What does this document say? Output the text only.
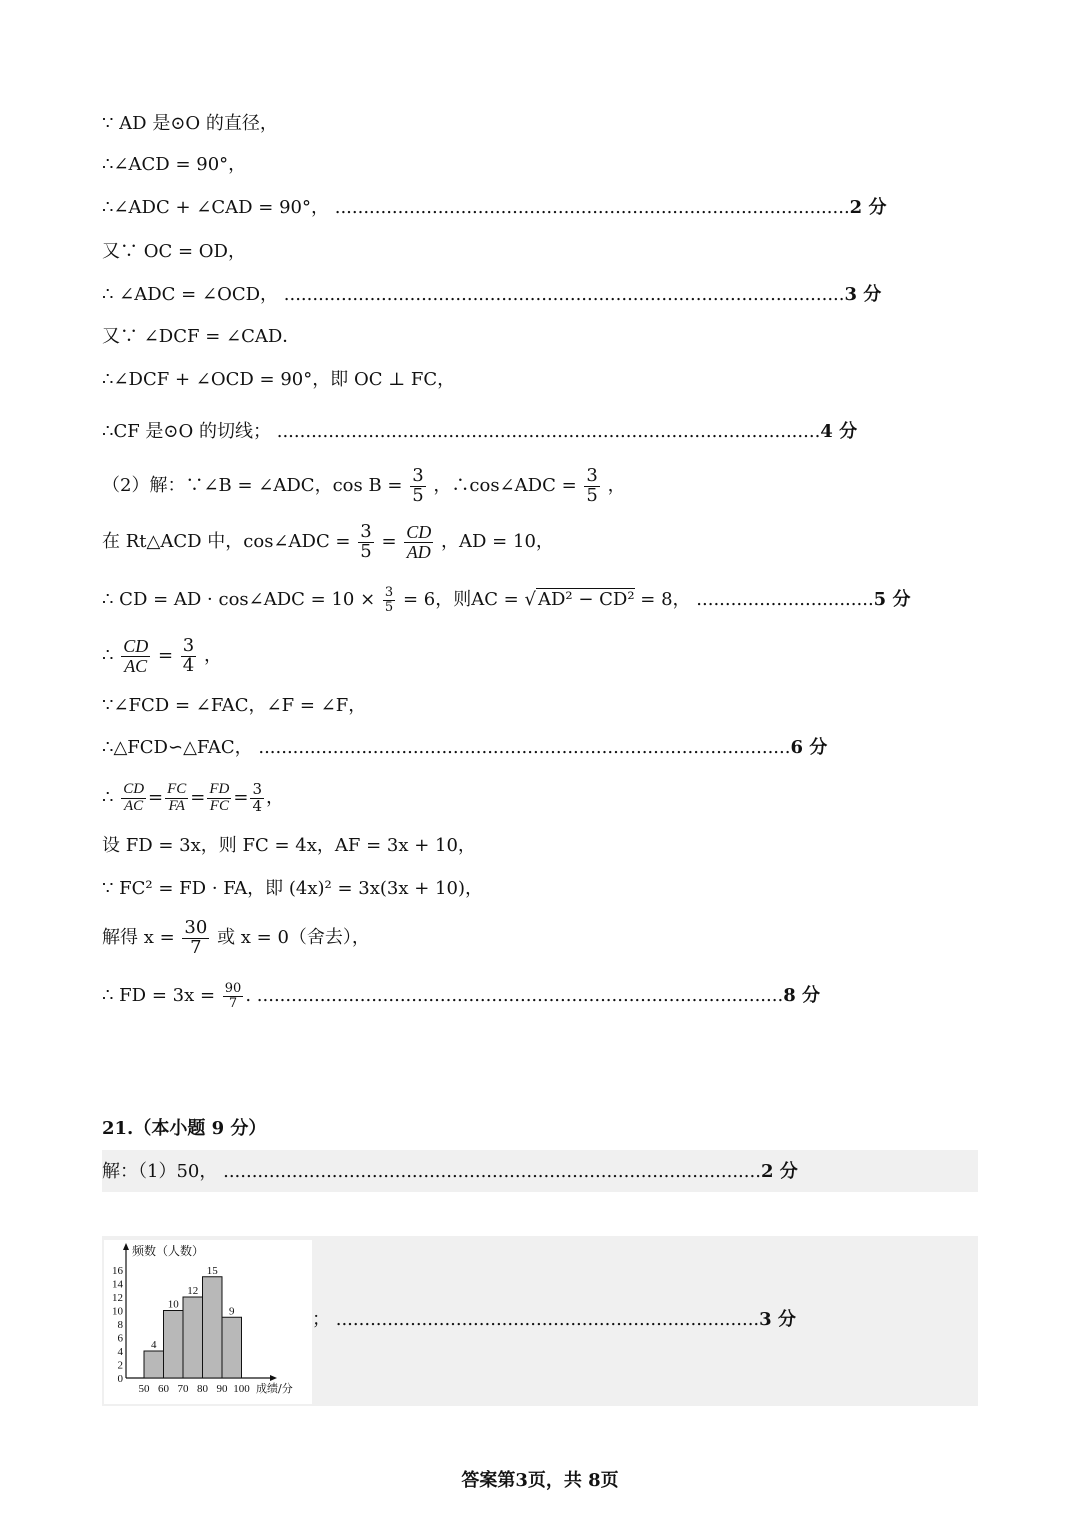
∵ AD 是⊙O 的直径，
∴∠ACD = 90°，
∴∠ADC + ∠CAD = 90°， ..........................................................................................2 分
又∵ OC = OD，
∴ ∠ADC = ∠OCD， ..................................................................................................3 分
又∵ ∠DCF = ∠CAD．
∴∠DCF + ∠OCD = 90°，即 OC ⊥ FC，
∴CF 是⊙O 的切线； ...............................................................................................4 分
（2）解：∵∠B = ∠ADC，$\cos B = \frac{3}{5}$ ，∴cos∠ADC = $\frac{3}{5}$ ，
在 Rt△ACD 中，cos∠ADC = $\frac{3}{5} = \frac{CD}{AD}$ ，AD = 10，
∴ CD = AD · cos∠ADC = $10 \times \frac{3}{5} = 6$，则AC = √ AD² − CD² = 8， ...............................5 分
∴ $\frac{CD}{AC} = \frac{3}{4}$ ，
∵∠FCD = ∠FAC，∠F = ∠F，
∴△FCD∽△FAC， .............................................................................................6 分
∴ $\frac{CD}{AC} = \frac{FC}{FA} = \frac{FD}{FC} = \frac{3}{4}$ ，
设 FD = 3x，则 FC = 4x，AF = 3x + 10，
∵ FC² = FD · FA，即 (4x)² = 3x(3x + 10)，
解得 $x = \frac{30}{7}$ 或 x = 0（舍去），
∴ FD = $3x = \frac{90}{7}$ . ............................................................................................8 分
21.（本小题 9 分）
解：（1）50， ..............................................................................................2 分
频数（人数）
0
2
4
6
8
10
12
14
16
4
10
12
15
9
50 60 70 80 90 100 成绩/分
； ..........................................................................3 分
答案第3页，共 8页
